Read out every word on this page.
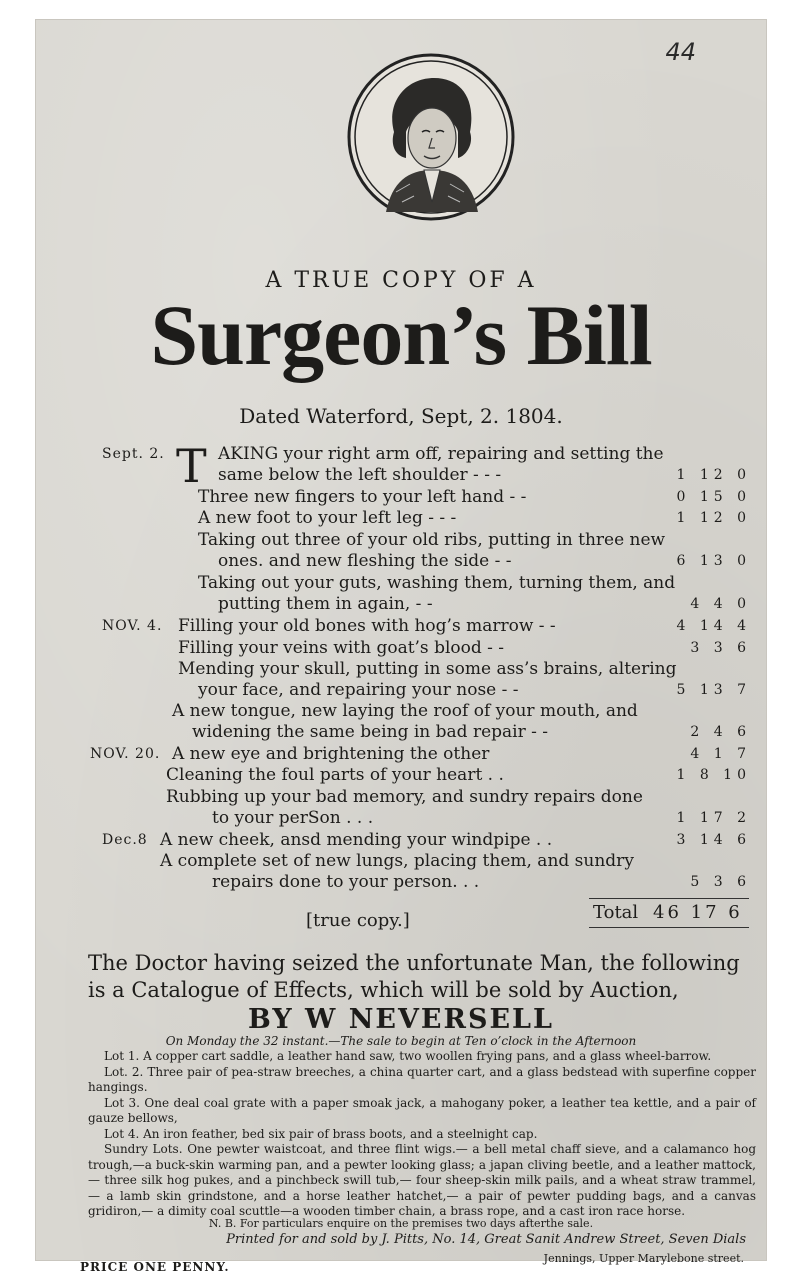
44
A TRUE COPY OF A
Surgeon’s Bill
Dated Waterford, Sept, 2. 1804.
T
Sept. 2.	AKING your right arm off, repairing and setting the
same below the left shoulder - - -	1 12 0
Three new fingers to your left hand - -	0 15 0
A new foot to your left leg - - -	1 12 0
Taking out three of your old ribs, putting in three new
ones. and new fleshing the side - -	6 13 0
Taking out your guts, washing them, turning them, and
putting them in again, - -	4 4 0
NOV. 4. Filling your old bones with hog’s marrow - -	4 14 4
Filling your veins with goat’s blood - -	3 3 6
Mending your skull, putting in some ass’s brains, altering
your face, and repairing your nose - -	5 13 7
A new tongue, new laying the roof of your mouth, and
widening the same being in bad repair - -	2 4 6
NOV. 20. A new eye and brightening the other	4 1 7
Cleaning the foul parts of your heart . .	1 8 10
Rubbing up your bad memory, and sundry repairs done
to your perSon . . .	1 17 2
Dec.8 A new cheek, ansd mending your windpipe . .	3 14 6
A complete set of new lungs, placing them, and sundry
repairs done to your person. . .	5 3 6
[true copy.]	Total 46 17 6
The Doctor having seized the unfortunate Man, the following is a Catalogue of Effects, which will be sold by Auction,
BY W NEVERSELL
On Monday the 32 instant.—The sale to begin at Ten o’clock in the Afternoon

Lot 1. A copper cart saddle, a leather hand saw, two woollen frying pans, and a glass wheel-barrow.

Lot. 2. Three pair of pea-straw breeches, a china quarter cart, and a glass bedstead with superfine copper hangings.

Lot 3. One deal coal grate with a paper smoak jack, a mahogany poker, a leather tea kettle, and a pair of gauze bellows,

Lot 4. An iron feather, bed six pair of brass boots, and a steelnight cap.

Sundry Lots. One pewter waistcoat, and three flint wigs.— a bell metal chaff sieve, and a calamanco hog trough,—a buck-skin warming pan, and a pewter looking glass; a japan cliving beetle, and a leather mattock,— three silk hog pukes, and a pinchbeck swill tub,— four sheep-skin milk pails, and a wheat straw trammel,— a lamb skin grindstone, and a horse leather hatchet,— a pair of pewter pudding bags, and a canvas gridiron,— a dimity coal scuttle—a wooden timber chain, a brass rope, and a cast iron race horse.

N. B. For particulars enquire on the premises two days afterthe sale.
Printed for and sold by J. Pitts, No. 14, Great Sanit Andrew Street, Seven Dials
PRICE ONE PENNY.
Jennings, Upper Marylebone street.
